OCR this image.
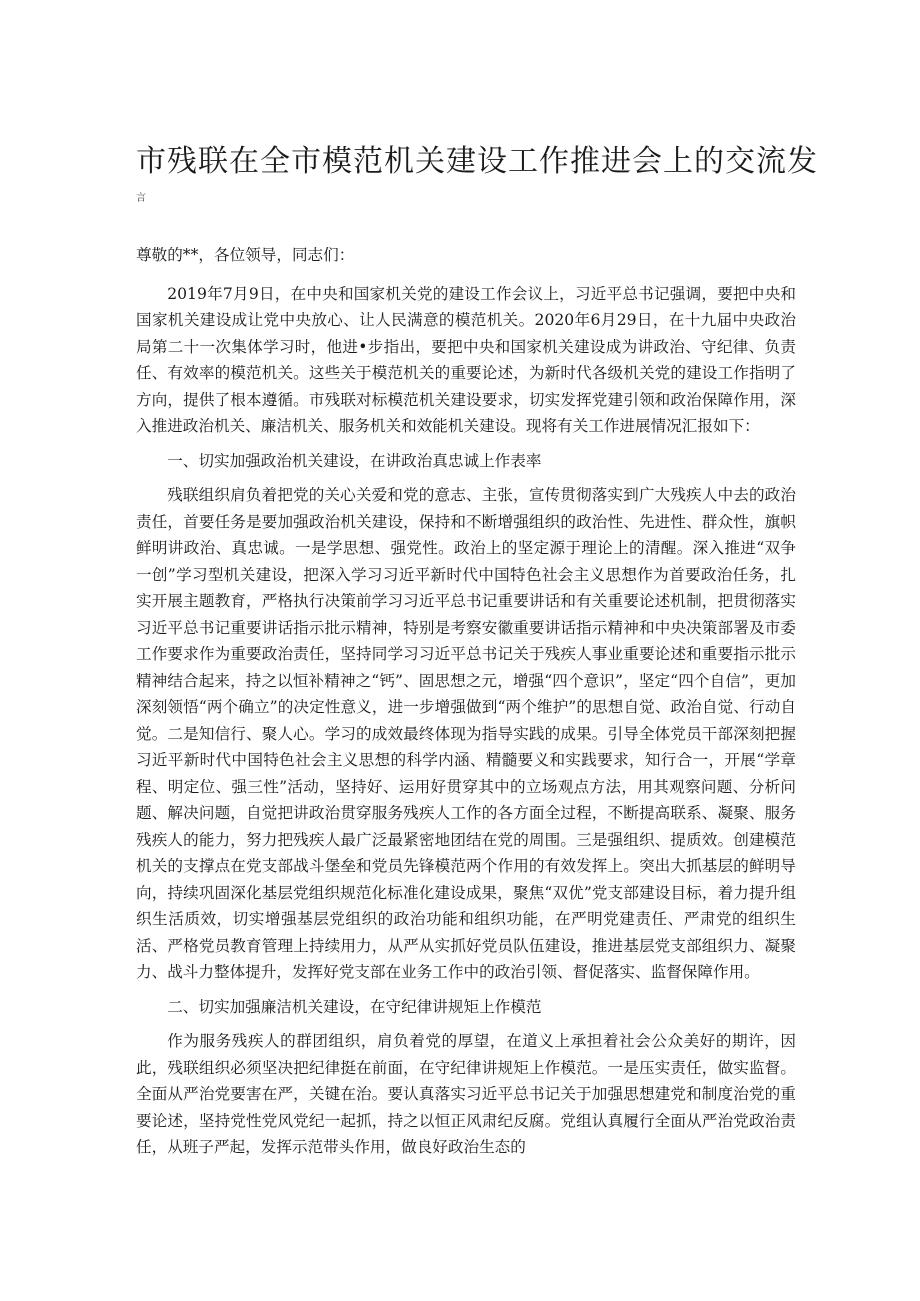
市残联在全市模范机关建设工作推进会上的交流发
言

尊敬的**，各位领导，同志们：

2019年7月9日，在中央和国家机关党的建设工作会议上，习近平总书记强调，要把中央和国家机关建设成让党中央放心、让人民满意的模范机关。2020年6月29日，在十九届中央政治局第二十一次集体学习时，他进•步指出，要把中央和国家机关建设成为讲政治、守纪律、负责任、有效率的模范机关。这些关于模范机关的重要论述，为新时代各级机关党的建设工作指明了方向，提供了根本遵循。市残联对标模范机关建设要求，切实发挥党建引领和政治保障作用，深入推进政治机关、廉洁机关、服务机关和效能机关建设。现将有关工作进展情况汇报如下：

一、切实加强政治机关建设，在讲政治真忠诚上作表率

残联组织肩负着把党的关心关爱和党的意志、主张，宣传贯彻落实到广大残疾人中去的政治责任，首要任务是要加强政治机关建设，保持和不断增强组织的政治性、先进性、群众性，旗帜鲜明讲政治、真忠诚。一是学思想、强党性。政治上的坚定源于理论上的清醒。深入推进“双争一创”学习型机关建设，把深入学习习近平新时代中国特色社会主义思想作为首要政治任务，扎实开展主题教育，严格执行决策前学习习近平总书记重要讲话和有关重要论述机制，把贯彻落实习近平总书记重要讲话指示批示精神，特别是考察安徽重要讲话指示精神和中央决策部署及市委工作要求作为重要政治责任，坚持同学习习近平总书记关于残疾人事业重要论述和重要指示批示精神结合起来，持之以恒补精神之“钙”、固思想之元，增强“四个意识”，坚定“四个自信”，更加深刻领悟“两个确立”的决定性意义，进一步增强做到“两个维护”的思想自觉、政治自觉、行动自觉。二是知信行、聚人心。学习的成效最终体现为指导实践的成果。引导全体党员干部深刻把握习近平新时代中国特色社会主义思想的科学内涵、精髓要义和实践要求，知行合一，开展“学章程、明定位、强三性”活动，坚持好、运用好贯穿其中的立场观点方法，用其观察问题、分析问题、解决问题，自觉把讲政治贯穿服务残疾人工作的各方面全过程，不断提高联系、凝聚、服务残疾人的能力，努力把残疾人最广泛最紧密地团结在党的周围。三是强组织、提质效。创建模范机关的支撑点在党支部战斗堡垒和党员先锋模范两个作用的有效发挥上。突出大抓基层的鲜明导向，持续巩固深化基层党组织规范化标准化建设成果，聚焦“双优”党支部建设目标，着力提升组织生活质效，切实增强基层党组织的政治功能和组织功能，在严明党建责任、严肃党的组织生活、严格党员教育管理上持续用力，从严从实抓好党员队伍建设，推进基层党支部组织力、凝聚力、战斗力整体提升，发挥好党支部在业务工作中的政治引领、督促落实、监督保障作用。

二、切实加强廉洁机关建设，在守纪律讲规矩上作模范

作为服务残疾人的群团组织，肩负着党的厚望，在道义上承担着社会公众美好的期许，因此，残联组织必须坚决把纪律挺在前面，在守纪律讲规矩上作模范。一是压实责任，做实监督。全面从严治党要害在严，关键在治。要认真落实习近平总书记关于加强思想建党和制度治党的重要论述，坚持党性党风党纪一起抓，持之以恒正风肃纪反腐。党组认真履行全面从严治党政治责任，从班子严起，发挥示范带头作用，做良好政治生态的
